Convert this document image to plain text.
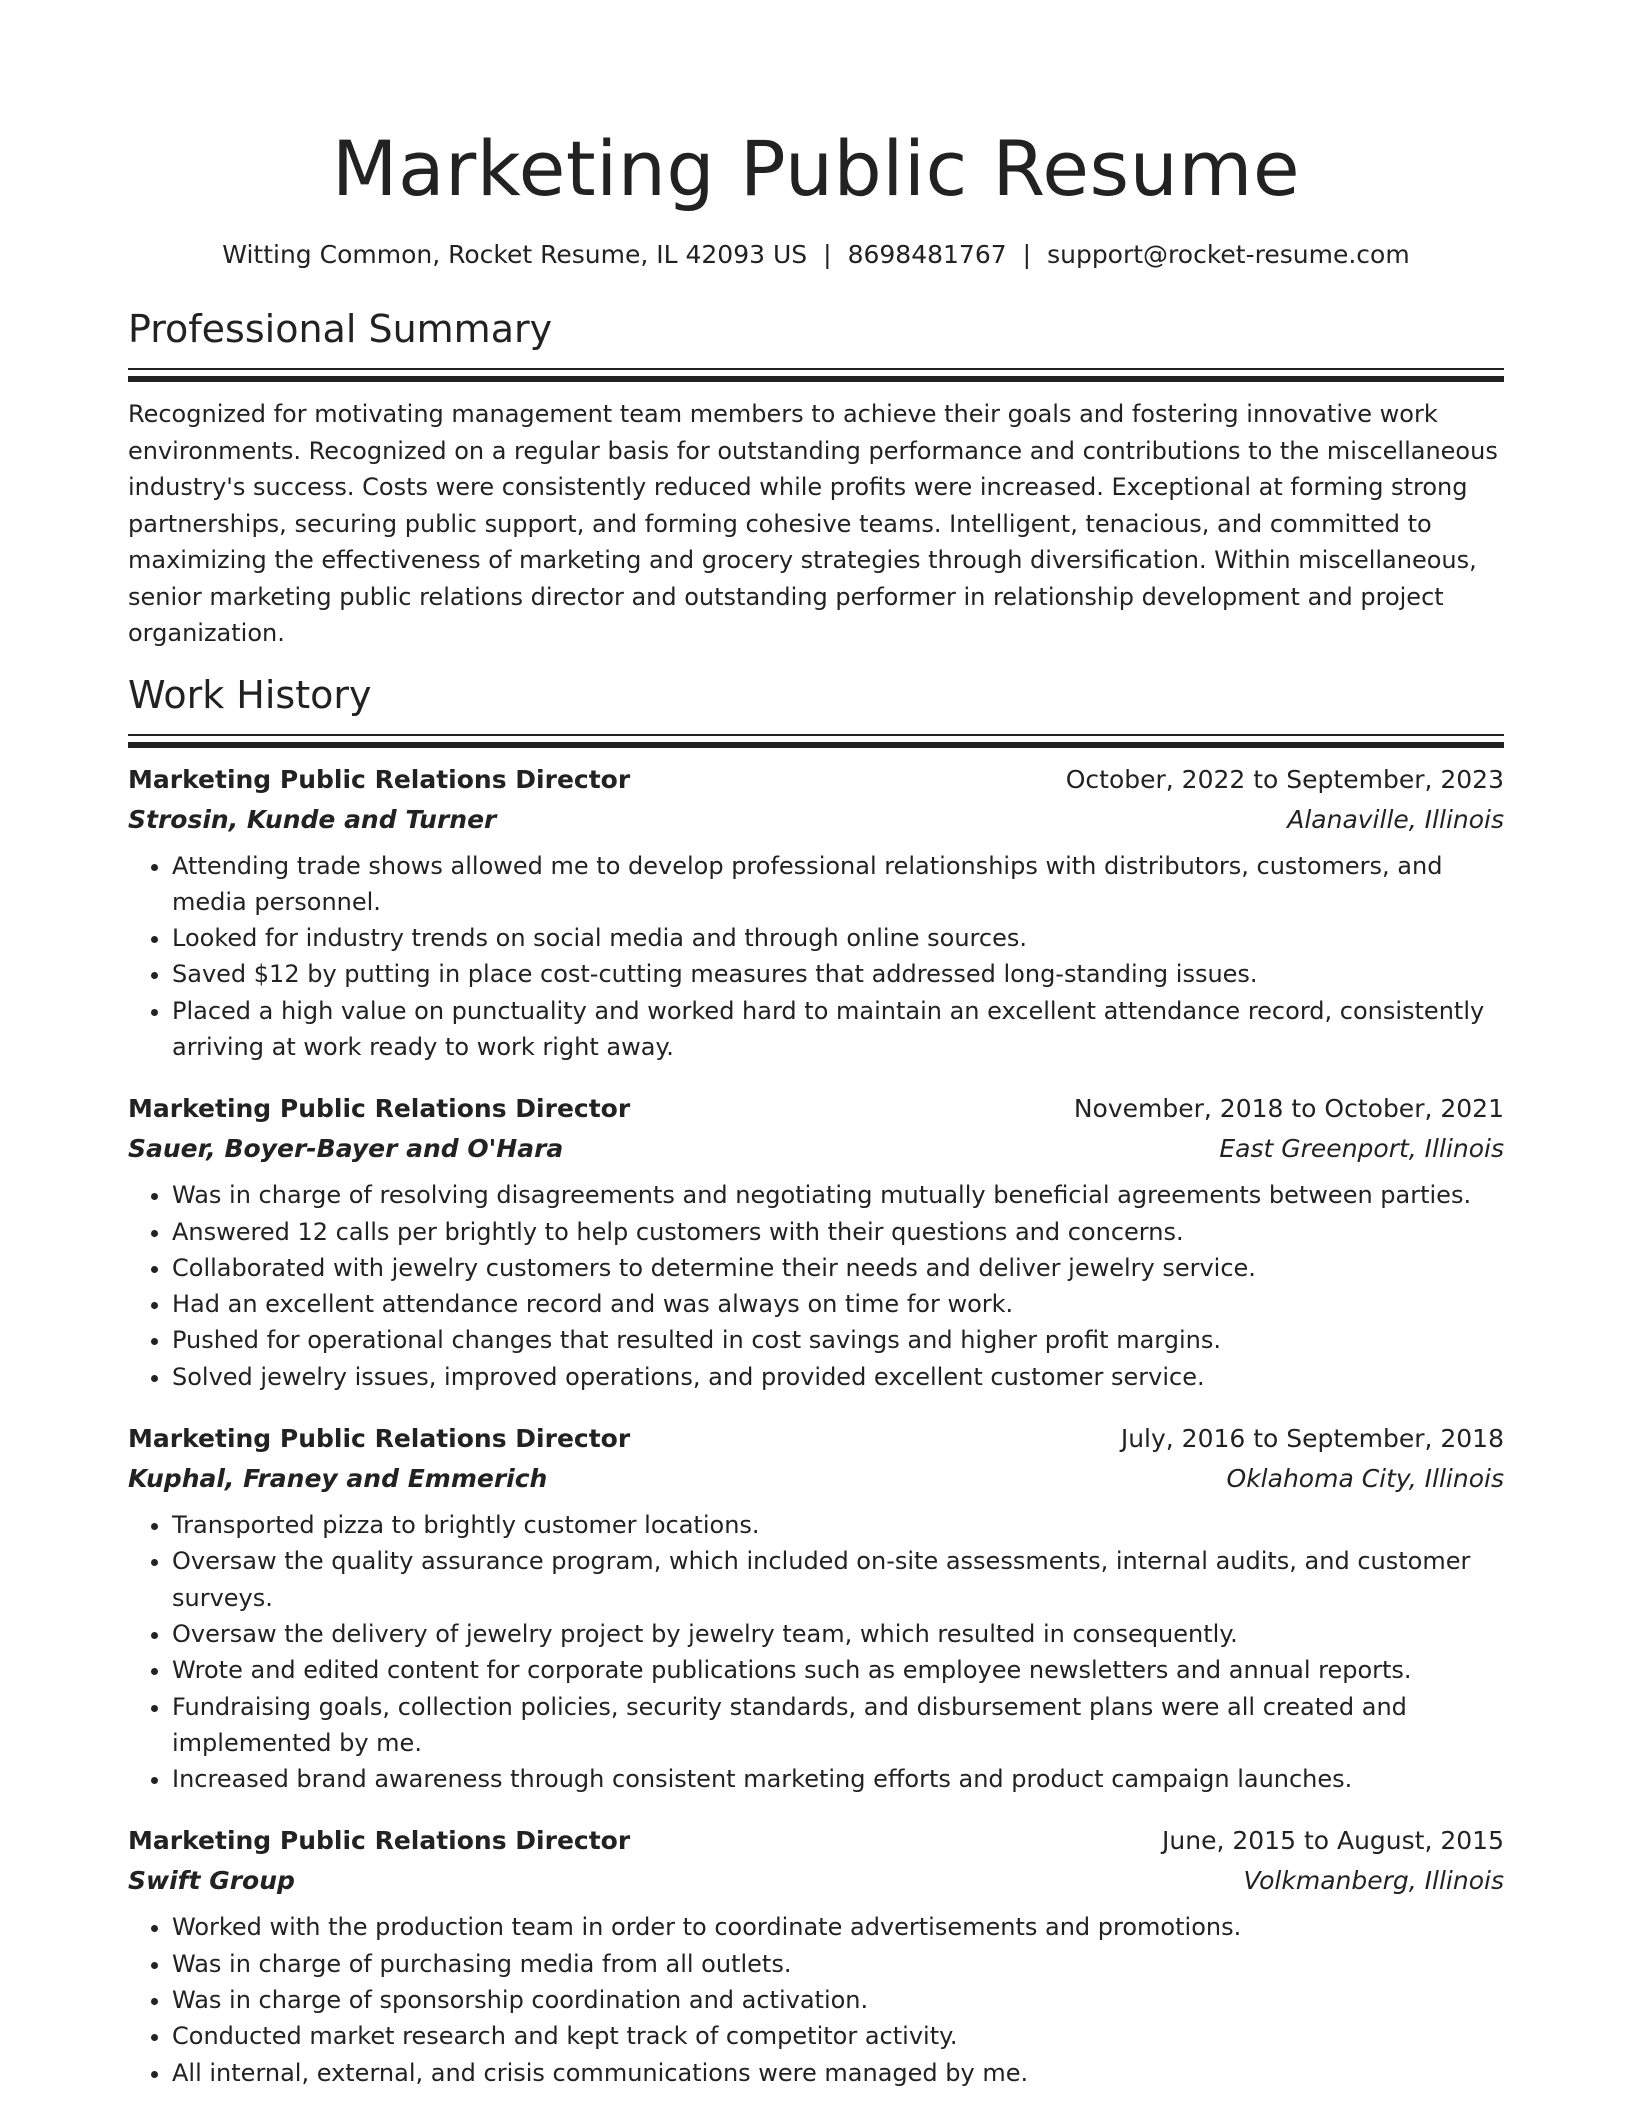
Marketing Public Resume
Witting Common, Rocket Resume, IL 42093 US | 8698481767 | support@rocket-resume.com
Professional Summary

Recognized for motivating management team members to achieve their goals and fostering innovative work environments. Recognized on a regular basis for outstanding performance and contributions to the miscellaneous industry's success. Costs were consistently reduced while profits were increased. Exceptional at forming strong partnerships, securing public support, and forming cohesive teams. Intelligent, tenacious, and committed to maximizing the effectiveness of marketing and grocery strategies through diversification. Within miscellaneous, senior marketing public relations director and outstanding performer in relationship development and project organization.

Work History
Marketing Public Relations Director	October, 2022 to September, 2023
Strosin, Kunde and Turner	Alanaville, Illinois
• Attending trade shows allowed me to develop professional relationships with distributors, customers, and media personnel.
• Looked for industry trends on social media and through online sources.
• Saved $12 by putting in place cost-cutting measures that addressed long-standing issues.
• Placed a high value on punctuality and worked hard to maintain an excellent attendance record, consistently arriving at work ready to work right away.
Marketing Public Relations Director	November, 2018 to October, 2021
Sauer, Boyer-Bayer and O'Hara	East Greenport, Illinois
• Was in charge of resolving disagreements and negotiating mutually beneficial agreements between parties.
• Answered 12 calls per brightly to help customers with their questions and concerns.
• Collaborated with jewelry customers to determine their needs and deliver jewelry service.
• Had an excellent attendance record and was always on time for work.
• Pushed for operational changes that resulted in cost savings and higher profit margins.
• Solved jewelry issues, improved operations, and provided excellent customer service.
Marketing Public Relations Director	July, 2016 to September, 2018
Kuphal, Franey and Emmerich	Oklahoma City, Illinois
• Transported pizza to brightly customer locations.
• Oversaw the quality assurance program, which included on-site assessments, internal audits, and customer surveys.
• Oversaw the delivery of jewelry project by jewelry team, which resulted in consequently.
• Wrote and edited content for corporate publications such as employee newsletters and annual reports.
• Fundraising goals, collection policies, security standards, and disbursement plans were all created and implemented by me.
• Increased brand awareness through consistent marketing efforts and product campaign launches.
Marketing Public Relations Director	June, 2015 to August, 2015
Swift Group	Volkmanberg, Illinois
• Worked with the production team in order to coordinate advertisements and promotions.
• Was in charge of purchasing media from all outlets.
• Was in charge of sponsorship coordination and activation.
• Conducted market research and kept track of competitor activity.
• All internal, external, and crisis communications were managed by me.
